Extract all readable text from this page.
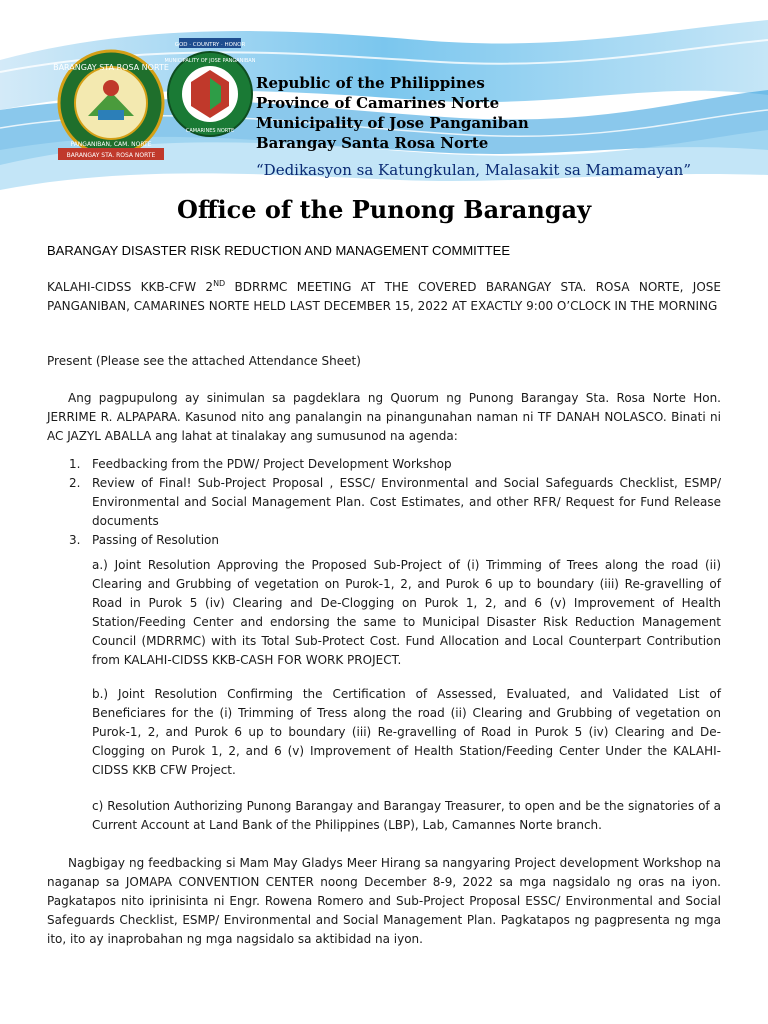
BARANGAY STA ROSA NORTE
PANGANIBAN, CAM. NORTE
BARANGAY STA. ROSA NORTE
GOD · COUNTRY · HONOR
MUNICIPALITY OF JOSE PANGANIBAN
CAMARINES NORTE
Republic of the Philippines
Province of Camarines Norte
Municipality of Jose Panganiban
Barangay Santa Rosa Norte
“Dedikasyon sa Katungkulan, Malasakit sa Mamamayan”
Office of the Punong Barangay
BARANGAY DISASTER RISK REDUCTION AND MANAGEMENT COMMITTEE
KALAHI-CIDSS KKB-CFW 2ND BDRRMC MEETING AT THE COVERED BARANGAY STA. ROSA NORTE, JOSE PANGANIBAN, CAMARINES NORTE HELD LAST DECEMBER 15, 2022 AT EXACTLY 9:00 O’CLOCK IN THE MORNING
Present (Please see the attached Attendance Sheet)
Ang pagpupulong ay sinimulan sa pagdeklara ng Quorum ng Punong Barangay Sta. Rosa Norte Hon. JERRIME R. ALPAPARA. Kasunod nito ang panalangin na pinangunahan naman ni TF DANAH NOLASCO. Binati ni AC JAZYL ABALLA ang lahat at tinalakay ang sumusunod na agenda:
1. Feedbacking from the PDW/ Project Development Workshop
2. Review of Final! Sub-Project Proposal , ESSC/ Environmental and Social Safeguards Checklist, ESMP/ Environmental and Social Management Plan. Cost Estimates, and other RFR/ Request for Fund Release documents
3. Passing of Resolution
a.) Joint Resolution Approving the Proposed Sub-Project of (i) Trimming of Trees along the road (ii) Clearing and Grubbing of vegetation on Purok-1, 2, and Purok 6 up to boundary (iii) Re-gravelling of Road in Purok 5 (iv) Clearing and De-Clogging on Purok 1, 2, and 6 (v) Improvement of Health Station/Feeding Center and endorsing the same to Municipal Disaster Risk Reduction Management Council (MDRRMC) with its Total Sub-Protect Cost. Fund Allocation and Local Counterpart Contribution from KALAHI-CIDSS KKB-CASH FOR WORK PROJECT.
b.) Joint Resolution Confirming the Certification of Assessed, Evaluated, and Validated List of Beneficiares for the (i) Trimming of Tress along the road (ii) Clearing and Grubbing of vegetation on Purok-1, 2, and Purok 6 up to boundary (iii) Re-gravelling of Road in Purok 5 (iv) Clearing and De-Clogging on Purok 1, 2, and 6 (v) Improvement of Health Station/Feeding Center Under the KALAHI-CIDSS KKB CFW Project.
c) Resolution Authorizing Punong Barangay and Barangay Treasurer, to open and be the signatories of a Current Account at Land Bank of the Philippines (LBP), Lab, Camannes Norte branch.
Nagbigay ng feedbacking si Mam May Gladys Meer Hirang sa nangyaring Project development Workshop na naganap sa JOMAPA CONVENTION CENTER noong December 8-9, 2022 sa mga nagsidalo ng oras na iyon. Pagkatapos nito iprinisinta ni Engr. Rowena Romero and Sub-Project Proposal ESSC/ Environmental and Social Safeguards Checklist, ESMP/ Environmental and Social Management Plan. Pagkatapos ng pagpresenta ng mga ito, ito ay inaprobahan ng mga nagsidalo sa aktibidad na iyon.
